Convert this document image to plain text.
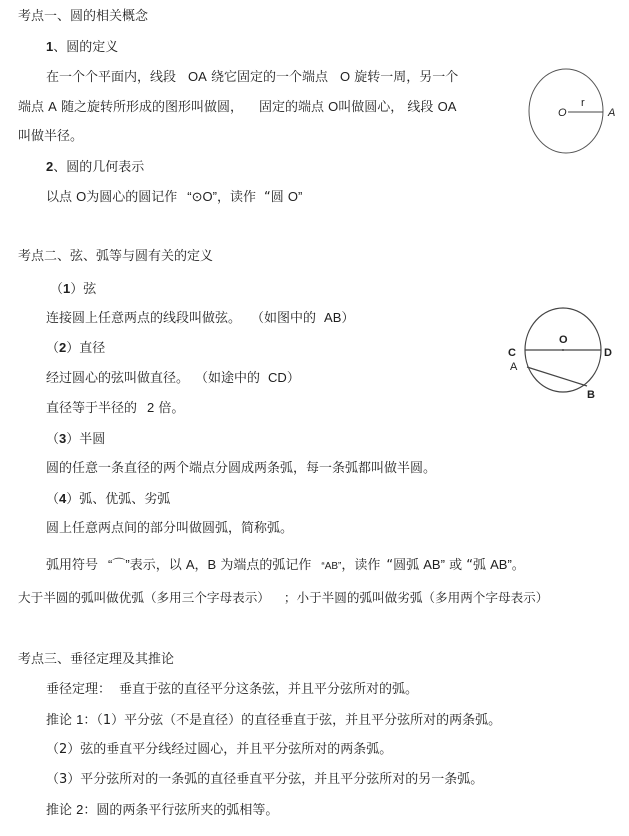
考点一、圆的相关概念
1、圆的定义
在一个个平面内，线段 OA 绕它固定的一个端点 O 旋转一周，另一个
端点 A 随之旋转所形成的图形叫做圆， 固定的端点 O叫做圆心， 线段 OA
叫做半径。
2、圆的几何表示
以点 O为圆心的圆记作 “⊙O”，读作 “圆 O”
O
r
A
考点二、弦、弧等与圆有关的定义
（1）弦
连接圆上任意两点的线段叫做弦。 （如图中的 AB）
（2）直径
经过圆心的弦叫做直径。 （如途中的 CD）
直径等于半径的 2 倍。
（3）半圆
圆的任意一条直径的两个端点分圆成两条弧，每一条弧都叫做半圆。
（4）弧、优弧、劣弧
圆上任意两点间的部分叫做圆弧，简称弧。
弧用符号 “⌒”表示，以 A，B 为端点的弧记作 “AB”，读作 “圆弧 AB” 或 “弧 AB”。
大于半圆的弧叫做优弧（多用三个字母表示） ；小于半圆的弧叫做劣弧（多用两个字母表示）
O
C	D
A
B
考点三、垂径定理及其推论
垂径定理： 垂直于弦的直径平分这条弦，并且平分弦所对的弧。
推论 1：（1）平分弦（不是直径）的直径垂直于弦，并且平分弦所对的两条弧。
（2）弦的垂直平分线经过圆心，并且平分弦所对的两条弧。
（3）平分弦所对的一条弧的直径垂直平分弦，并且平分弦所对的另一条弧。
推论 2：圆的两条平行弦所夹的弧相等。
